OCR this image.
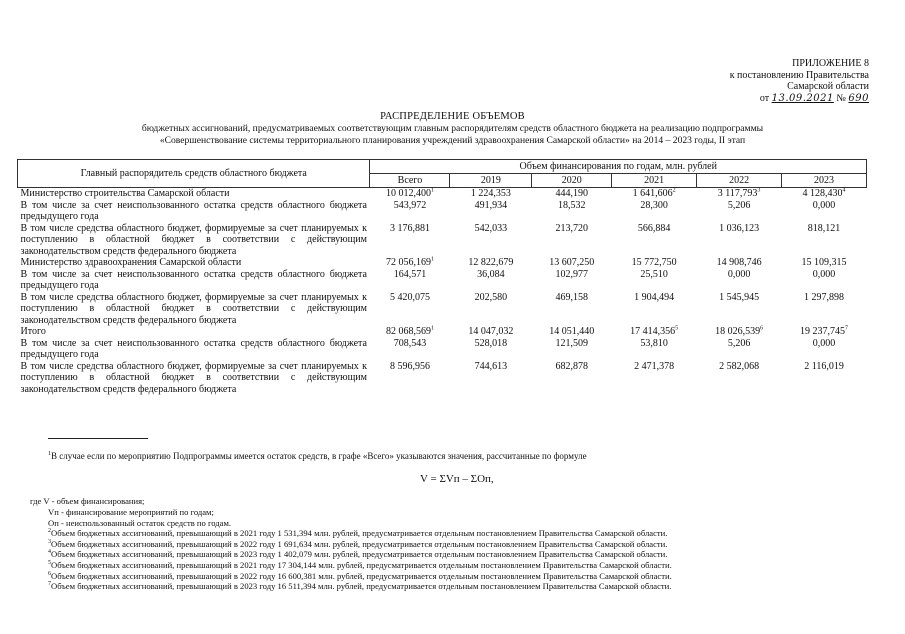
ПРИЛОЖЕНИЕ 8
к постановлению Правительства
Самарской области
от 13.09.2021 № 690
РАСПРЕДЕЛЕНИЕ ОБЪЕМОВ
бюджетных ассигнований, предусматриваемых соответствующим главным распорядителям средств областного бюджета на реализацию подпрограммы
«Совершенствование системы территориального планирования учреждений здравоохранения Самарской области» на 2014 – 2023 годы, II этап
Главный распорядитель средств областного бюджета	Объем финансирования по годам, млн. рублей					
	Всего	2019	2020	2021	2022	2023
Министерство строительства Самарской области	10 012,400$^1$	1 224,353	444,190	1 641,606$^2$	3 117,793$^3$	4 128,430$^4$
В том числе за счет неиспользованного остатка средств областного бюджета предыдущего года	543,972	491,934	18,532	28,300	5,206	0,000
В том числе средства областного бюджет, формируемые за счет планируемых к поступлению в областной бюджет в соответствии с действующим законодательством средств федерального бюджета	3 176,881	542,033	213,720	566,884	1 036,123	818,121
Министерство здравоохранения Самарской области	72 056,169$^1$	12 822,679	13 607,250	15 772,750	14 908,746	15 109,315
В том числе за счет неиспользованного остатка средств областного бюджета предыдущего года	164,571	36,084	102,977	25,510	0,000	0,000
В том числе средства областного бюджет, формируемые за счет планируемых к поступлению в областной бюджет в соответствии с действующим законодательством средств федерального бюджета	5 420,075	202,580	469,158	1 904,494	1 545,945	1 297,898
Итого	82 068,569$^1$	14 047,032	14 051,440	17 414,356$^5$	18 026,539$^6$	19 237,745$^7$
В том числе за счет неиспользованного остатка средств областного бюджета предыдущего года	708,543	528,018	121,509	53,810	5,206	0,000
В том числе средства областного бюджет, формируемые за счет планируемых к поступлению в областной бюджет в соответствии с действующим законодательством средств федерального бюджета	8 596,956	744,613	682,878	2 471,378	2 582,068	2 116,019
$^1$В случае если по мероприятию Подпрограммы имеется остаток средств, в графе «Всего» указываются значения, рассчитанные по формуле
V = ΣVп – ΣOп,
где V - объем финансирования;
Vп - финансирование мероприятий по годам;
Oп - неиспользованный остаток средств по годам.
$^2$Объем бюджетных ассигнований, превышающий в 2021 году 1 531,394 млн. рублей, предусматривается отдельным постановлением Правительства Самарской области.
$^3$Объем бюджетных ассигнований, превышающий в 2022 году 1 691,634 млн. рублей, предусматривается отдельным постановлением Правительства Самарской области.
$^4$Объем бюджетных ассигнований, превышающий в 2023 году 1 402,079 млн. рублей, предусматривается отдельным постановлением Правительства Самарской области.
$^5$Объем бюджетных ассигнований, превышающий в 2021 году 17 304,144 млн. рублей, предусматривается отдельным постановлением Правительства Самарской области.
$^6$Объем бюджетных ассигнований, превышающий в 2022 году 16 600,381 млн. рублей, предусматривается отдельным постановлением Правительства Самарской области.
$^7$Объем бюджетных ассигнований, превышающий в 2023 году 16 511,394 млн. рублей, предусматривается отдельным постановлением Правительства Самарской области.
